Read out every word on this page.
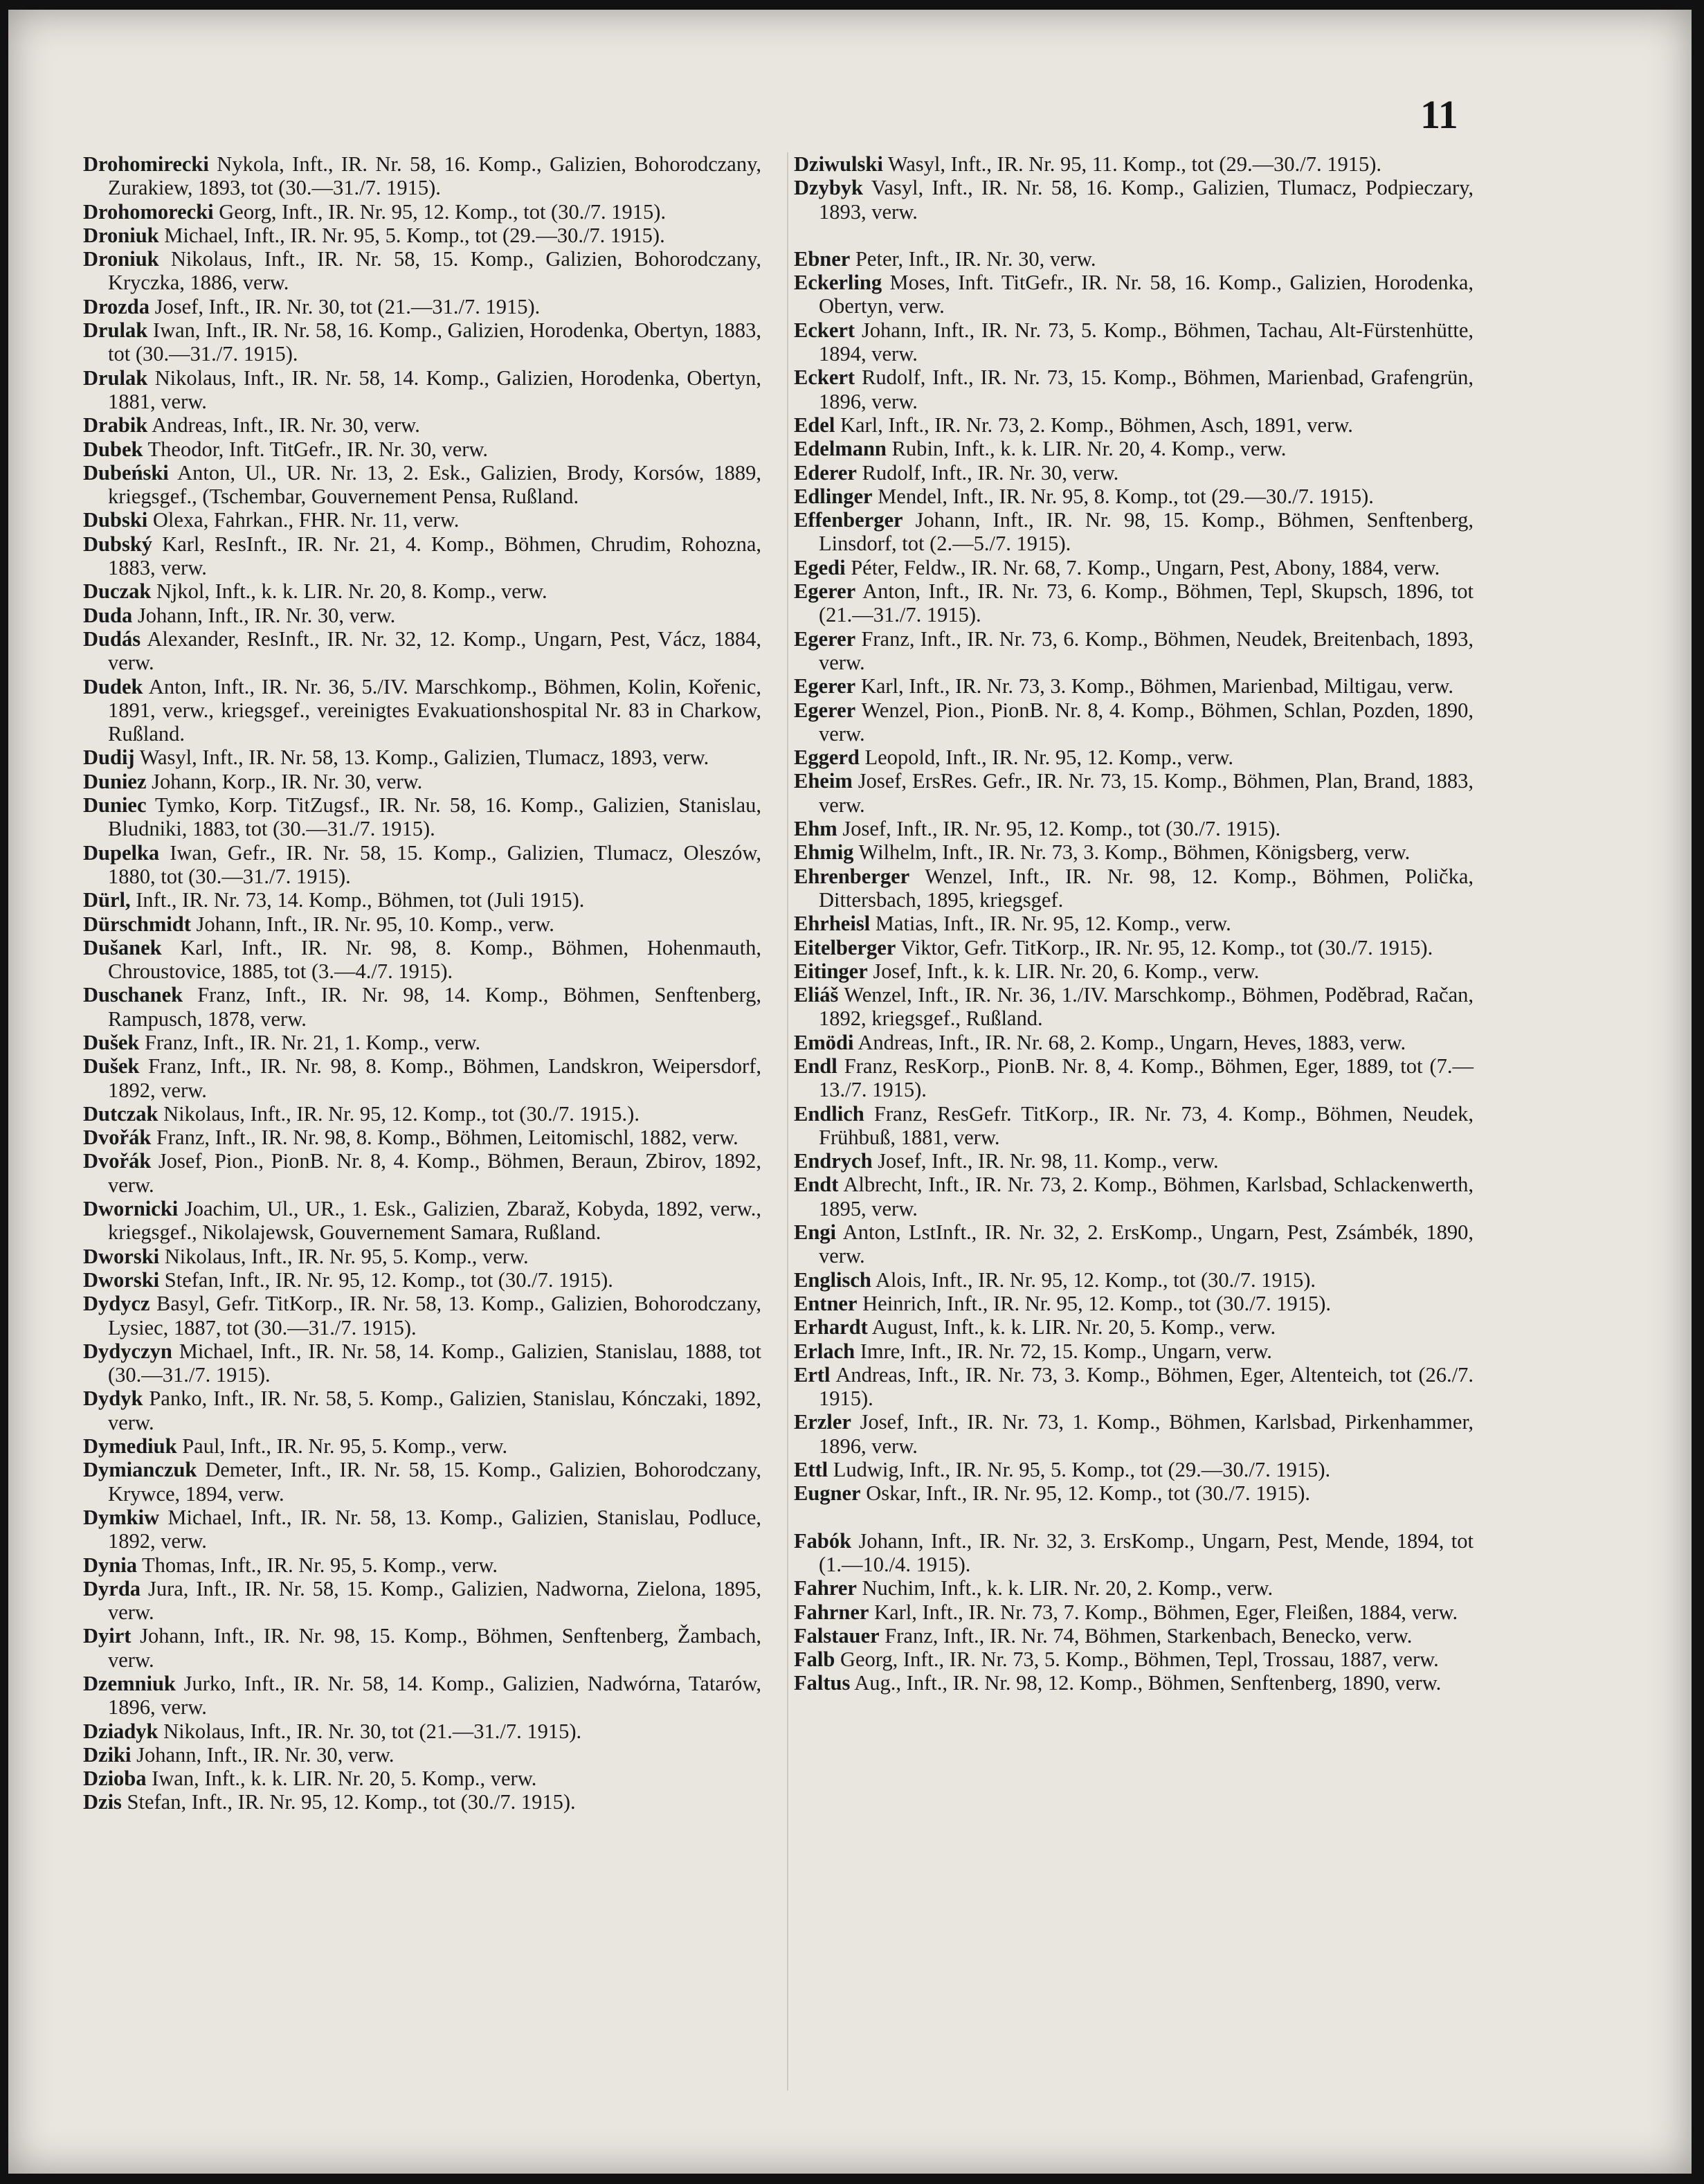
11
Drohomirecki Nykola, Inft., IR. Nr. 58, 16. Komp., Galizien, Bohorodczany, Zurakiew, 1893, tot (30.—31./7. 1915).
Drohomorecki Georg, Inft., IR. Nr. 95, 12. Komp., tot (30./7. 1915).
Droniuk Michael, Inft., IR. Nr. 95, 5. Komp., tot (29.—30./7. 1915).
Droniuk Nikolaus, Inft., IR. Nr. 58, 15. Komp., Galizien, Bohorodczany, Kryczka, 1886, verw.
Drozda Josef, Inft., IR. Nr. 30, tot (21.—31./7. 1915).
Drulak Iwan, Inft., IR. Nr. 58, 16. Komp., Galizien, Horodenka, Obertyn, 1883, tot (30.—31./7. 1915).
Drulak Nikolaus, Inft., IR. Nr. 58, 14. Komp., Galizien, Horodenka, Obertyn, 1881, verw.
Drabik Andreas, Inft., IR. Nr. 30, verw.
Dubek Theodor, Inft. TitGefr., IR. Nr. 30, verw.
Dubeński Anton, Ul., UR. Nr. 13, 2. Esk., Galizien, Brody, Korsów, 1889, kriegsgef., (Tschembar, Gouvernement Pensa, Rußland.
Dubski Olexa, Fahrkan., FHR. Nr. 11, verw.
Dubský Karl, ResInft., IR. Nr. 21, 4. Komp., Böhmen, Chrudim, Rohozna, 1883, verw.
Duczak Njkol, Inft., k. k. LIR. Nr. 20, 8. Komp., verw.
Duda Johann, Inft., IR. Nr. 30, verw.
Dudás Alexander, ResInft., IR. Nr. 32, 12. Komp., Ungarn, Pest, Vácz, 1884, verw.
Dudek Anton, Inft., IR. Nr. 36, 5./IV. Marschkomp., Böhmen, Kolin, Kořenic, 1891, verw., kriegsgef., vereinigtes Evakuationshospital Nr. 83 in Charkow, Rußland.
Dudij Wasyl, Inft., IR. Nr. 58, 13. Komp., Galizien, Tlumacz, 1893, verw.
Duniez Johann, Korp., IR. Nr. 30, verw.
Duniec Tymko, Korp. TitZugsf., IR. Nr. 58, 16. Komp., Galizien, Stanislau, Bludniki, 1883, tot (30.—31./7. 1915).
Dupelka Iwan, Gefr., IR. Nr. 58, 15. Komp., Galizien, Tlumacz, Oleszów, 1880, tot (30.—31./7. 1915).
Dürl, Inft., IR. Nr. 73, 14. Komp., Böhmen, tot (Juli 1915).
Dürschmidt Johann, Inft., IR. Nr. 95, 10. Komp., verw.
Dušanek Karl, Inft., IR. Nr. 98, 8. Komp., Böhmen, Hohenmauth, Chroustovice, 1885, tot (3.—4./7. 1915).
Duschanek Franz, Inft., IR. Nr. 98, 14. Komp., Böhmen, Senftenberg, Rampusch, 1878, verw.
Dušek Franz, Inft., IR. Nr. 21, 1. Komp., verw.
Dušek Franz, Inft., IR. Nr. 98, 8. Komp., Böhmen, Landskron, Weipersdorf, 1892, verw.
Dutczak Nikolaus, Inft., IR. Nr. 95, 12. Komp., tot (30./7. 1915.).
Dvořák Franz, Inft., IR. Nr. 98, 8. Komp., Böhmen, Leitomischl, 1882, verw.
Dvořák Josef, Pion., PionB. Nr. 8, 4. Komp., Böhmen, Beraun, Zbirov, 1892, verw.
Dwornicki Joachim, Ul., UR., 1. Esk., Galizien, Zbaraž, Kobyda, 1892, verw., kriegsgef., Nikolajewsk, Gouvernement Samara, Rußland.
Dworski Nikolaus, Inft., IR. Nr. 95, 5. Komp., verw.
Dworski Stefan, Inft., IR. Nr. 95, 12. Komp., tot (30./7. 1915).
Dydycz Basyl, Gefr. TitKorp., IR. Nr. 58, 13. Komp., Galizien, Bohorodczany, Lysiec, 1887, tot (30.—31./7. 1915).
Dydyczyn Michael, Inft., IR. Nr. 58, 14. Komp., Galizien, Stanislau, 1888, tot (30.—31./7. 1915).
Dydyk Panko, Inft., IR. Nr. 58, 5. Komp., Galizien, Stanislau, Kónczaki, 1892, verw.
Dymediuk Paul, Inft., IR. Nr. 95, 5. Komp., verw.
Dymianczuk Demeter, Inft., IR. Nr. 58, 15. Komp., Galizien, Bohorodczany, Krywce, 1894, verw.
Dymkiw Michael, Inft., IR. Nr. 58, 13. Komp., Galizien, Stanislau, Podluce, 1892, verw.
Dynia Thomas, Inft., IR. Nr. 95, 5. Komp., verw.
Dyrda Jura, Inft., IR. Nr. 58, 15. Komp., Galizien, Nadworna, Zielona, 1895, verw.
Dyirt Johann, Inft., IR. Nr. 98, 15. Komp., Böhmen, Senftenberg, Žambach, verw.
Dzemniuk Jurko, Inft., IR. Nr. 58, 14. Komp., Galizien, Nadwórna, Tatarów, 1896, verw.
Dziadyk Nikolaus, Inft., IR. Nr. 30, tot (21.—31./7. 1915).
Dziki Johann, Inft., IR. Nr. 30, verw.
Dzioba Iwan, Inft., k. k. LIR. Nr. 20, 5. Komp., verw.
Dzis Stefan, Inft., IR. Nr. 95, 12. Komp., tot (30./7. 1915).
Dziwulski Wasyl, Inft., IR. Nr. 95, 11. Komp., tot (29.—30./7. 1915).
Dzybyk Vasyl, Inft., IR. Nr. 58, 16. Komp., Galizien, Tlumacz, Podpieczary, 1893, verw.
Ebner Peter, Inft., IR. Nr. 30, verw.
Eckerling Moses, Inft. TitGefr., IR. Nr. 58, 16. Komp., Galizien, Horodenka, Obertyn, verw.
Eckert Johann, Inft., IR. Nr. 73, 5. Komp., Böhmen, Tachau, Alt-Fürstenhütte, 1894, verw.
Eckert Rudolf, Inft., IR. Nr. 73, 15. Komp., Böhmen, Marienbad, Grafengrün, 1896, verw.
Edel Karl, Inft., IR. Nr. 73, 2. Komp., Böhmen, Asch, 1891, verw.
Edelmann Rubin, Inft., k. k. LIR. Nr. 20, 4. Komp., verw.
Ederer Rudolf, Inft., IR. Nr. 30, verw.
Edlinger Mendel, Inft., IR. Nr. 95, 8. Komp., tot (29.—30./7. 1915).
Effenberger Johann, Inft., IR. Nr. 98, 15. Komp., Böhmen, Senftenberg, Linsdorf, tot (2.—5./7. 1915).
Egedi Péter, Feldw., IR. Nr. 68, 7. Komp., Ungarn, Pest, Abony, 1884, verw.
Egerer Anton, Inft., IR. Nr. 73, 6. Komp., Böhmen, Tepl, Skupsch, 1896, tot (21.—31./7. 1915).
Egerer Franz, Inft., IR. Nr. 73, 6. Komp., Böhmen, Neudek, Breitenbach, 1893, verw.
Egerer Karl, Inft., IR. Nr. 73, 3. Komp., Böhmen, Marienbad, Miltigau, verw.
Egerer Wenzel, Pion., PionB. Nr. 8, 4. Komp., Böhmen, Schlan, Pozden, 1890, verw.
Eggerd Leopold, Inft., IR. Nr. 95, 12. Komp., verw.
Eheim Josef, ErsRes. Gefr., IR. Nr. 73, 15. Komp., Böhmen, Plan, Brand, 1883, verw.
Ehm Josef, Inft., IR. Nr. 95, 12. Komp., tot (30./7. 1915).
Ehmig Wilhelm, Inft., IR. Nr. 73, 3. Komp., Böhmen, Königsberg, verw.
Ehrenberger Wenzel, Inft., IR. Nr. 98, 12. Komp., Böhmen, Polička, Dittersbach, 1895, kriegsgef.
Ehrheisl Matias, Inft., IR. Nr. 95, 12. Komp., verw.
Eitelberger Viktor, Gefr. TitKorp., IR. Nr. 95, 12. Komp., tot (30./7. 1915).
Eitinger Josef, Inft., k. k. LIR. Nr. 20, 6. Komp., verw.
Eliáš Wenzel, Inft., IR. Nr. 36, 1./IV. Marschkomp., Böhmen, Poděbrad, Račan, 1892, kriegsgef., Rußland.
Emödi Andreas, Inft., IR. Nr. 68, 2. Komp., Ungarn, Heves, 1883, verw.
Endl Franz, ResKorp., PionB. Nr. 8, 4. Komp., Böhmen, Eger, 1889, tot (7.—13./7. 1915).
Endlich Franz, ResGefr. TitKorp., IR. Nr. 73, 4. Komp., Böhmen, Neudek, Frühbuß, 1881, verw.
Endrych Josef, Inft., IR. Nr. 98, 11. Komp., verw.
Endt Albrecht, Inft., IR. Nr. 73, 2. Komp., Böhmen, Karlsbad, Schlackenwerth, 1895, verw.
Engi Anton, LstInft., IR. Nr. 32, 2. ErsKomp., Ungarn, Pest, Zsámbék, 1890, verw.
Englisch Alois, Inft., IR. Nr. 95, 12. Komp., tot (30./7. 1915).
Entner Heinrich, Inft., IR. Nr. 95, 12. Komp., tot (30./7. 1915).
Erhardt August, Inft., k. k. LIR. Nr. 20, 5. Komp., verw.
Erlach Imre, Inft., IR. Nr. 72, 15. Komp., Ungarn, verw.
Ertl Andreas, Inft., IR. Nr. 73, 3. Komp., Böhmen, Eger, Altenteich, tot (26./7. 1915).
Erzler Josef, Inft., IR. Nr. 73, 1. Komp., Böhmen, Karlsbad, Pirkenhammer, 1896, verw.
Ettl Ludwig, Inft., IR. Nr. 95, 5. Komp., tot (29.—30./7. 1915).
Eugner Oskar, Inft., IR. Nr. 95, 12. Komp., tot (30./7. 1915).
Fabók Johann, Inft., IR. Nr. 32, 3. ErsKomp., Ungarn, Pest, Mende, 1894, tot (1.—10./4. 1915).
Fahrer Nuchim, Inft., k. k. LIR. Nr. 20, 2. Komp., verw.
Fahrner Karl, Inft., IR. Nr. 73, 7. Komp., Böhmen, Eger, Fleißen, 1884, verw.
Falstauer Franz, Inft., IR. Nr. 74, Böhmen, Starkenbach, Benecko, verw.
Falb Georg, Inft., IR. Nr. 73, 5. Komp., Böhmen, Tepl, Trossau, 1887, verw.
Faltus Aug., Inft., IR. Nr. 98, 12. Komp., Böhmen, Senftenberg, 1890, verw.
